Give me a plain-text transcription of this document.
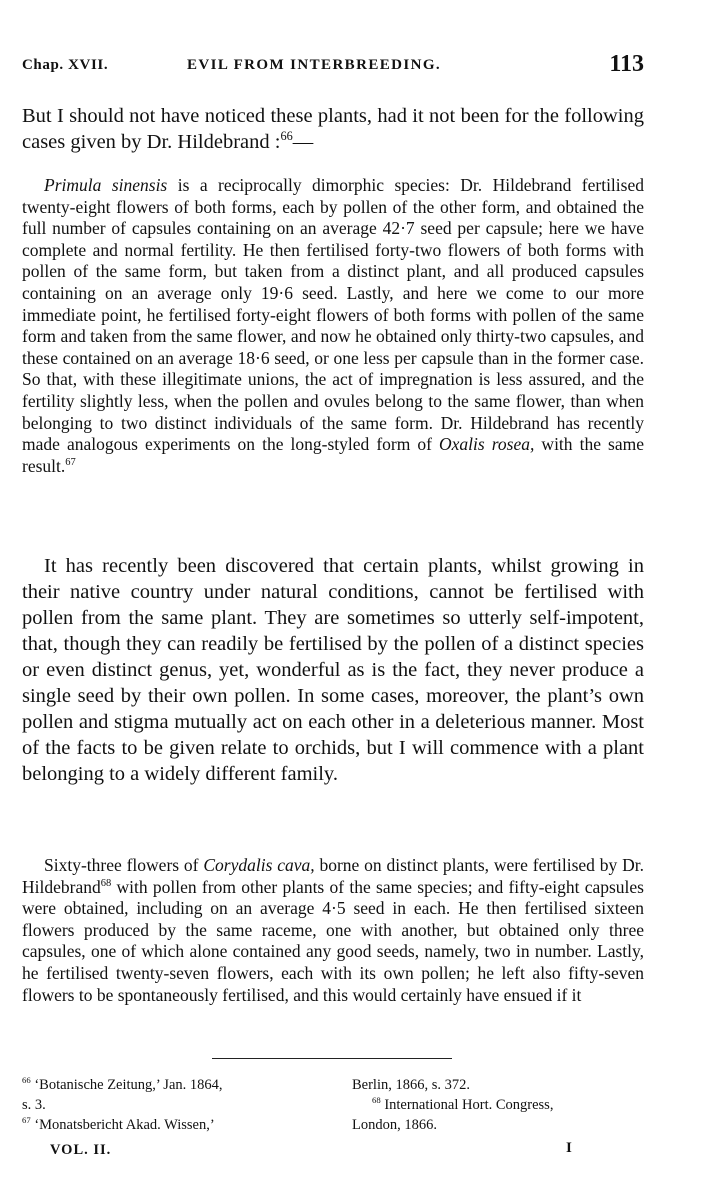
Chap. XVII.	EVIL FROM INTERBREEDING.	113
But I should not have noticed these plants, had it not been for the following cases given by Dr. Hildebrand :$^{66}$—
Primula sinensis is a reciprocally dimorphic species: Dr. Hildebrand fertilised twenty-eight flowers of both forms, each by pollen of the other form, and obtained the full number of capsules containing on an average 42·7 seed per capsule; here we have complete and normal fertility. He then fertilised forty-two flowers of both forms with pollen of the same form, but taken from a distinct plant, and all produced capsules containing on an average only 19·6 seed. Lastly, and here we come to our more immediate point, he fertilised forty-eight flowers of both forms with pollen of the same form and taken from the same flower, and now he obtained only thirty-two capsules, and these contained on an average 18·6 seed, or one less per capsule than in the former case. So that, with these illegitimate unions, the act of impregnation is less assured, and the fertility slightly less, when the pollen and ovules belong to the same flower, than when belonging to two distinct individuals of the same form. Dr. Hildebrand has recently made analogous experiments on the long-styled form of Oxalis rosea, with the same result.$^{67}$
It has recently been discovered that certain plants, whilst growing in their native country under natural conditions, cannot be fertilised with pollen from the same plant. They are sometimes so utterly self-impotent, that, though they can readily be fertilised by the pollen of a distinct species or even distinct genus, yet, wonderful as is the fact, they never produce a single seed by their own pollen. In some cases, moreover, the plant’s own pollen and stigma mutually act on each other in a deleterious manner. Most of the facts to be given relate to orchids, but I will commence with a plant belonging to a widely different family.
Sixty-three flowers of Corydalis cava, borne on distinct plants, were fertilised by Dr. Hildebrand$^{68}$ with pollen from other plants of the same species; and fifty-eight capsules were obtained, including on an average 4·5 seed in each. He then fertilised sixteen flowers produced by the same raceme, one with another, but obtained only three capsules, one of which alone contained any good seeds, namely, two in number. Lastly, he fertilised twenty-seven flowers, each with its own pollen; he left also fifty-seven flowers to be spontaneously fertilised, and this would certainly have ensued if it
$^{66}$ ‘Botanische Zeitung,’ Jan. 1864,	Berlin, 1866, s. 372.
s. 3.	$^{68}$ International Hort. Congress,
$^{67}$ ‘Monatsbericht Akad. Wissen,’	London, 1866.
VOL. II.	I
